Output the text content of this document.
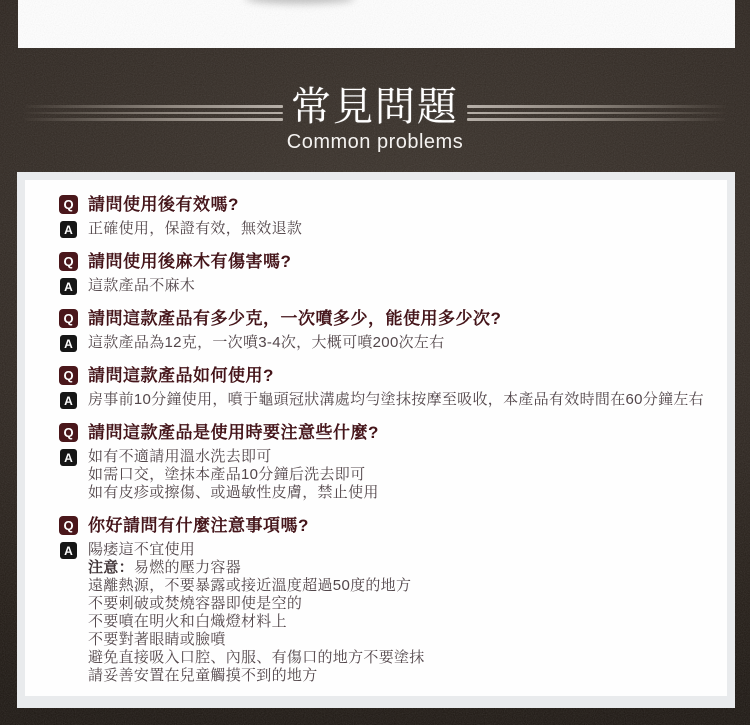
常見問題
Common problems
Q 請問使用後有效嗎?
A 正確使用，保證有效，無效退款
Q 請問使用後麻木有傷害嗎?
A 這款產品不麻木
Q 請問這款產品有多少克，一次噴多少，能使用多少次?
A 這款產品為12克，一次噴3-4次，大概可噴200次左右
Q 請問這款產品如何使用?
A 房事前10分鐘使用，噴于龜頭冠狀溝處均勻塗抹按摩至吸收，本產品有效時間在60分鐘左右
Q 請問這款產品是使用時要注意些什麼?
A 如有不適請用溫水洗去即可
如需口交，塗抹本產品10分鐘后洗去即可
如有皮疹或擦傷、或過敏性皮膚，禁止使用
Q 你好請問有什麼注意事項嗎?
A 陽痿這不宜使用
注意：易燃的壓力容器
遠離熱源，不要暴露或接近溫度超過50度的地方
不要刺破或焚燒容器即使是空的
不要噴在明火和白熾燈材料上
不要對著眼睛或臉噴
避免直接吸入口腔、內服、有傷口的地方不要塗抹
請妥善安置在兒童觸摸不到的地方
